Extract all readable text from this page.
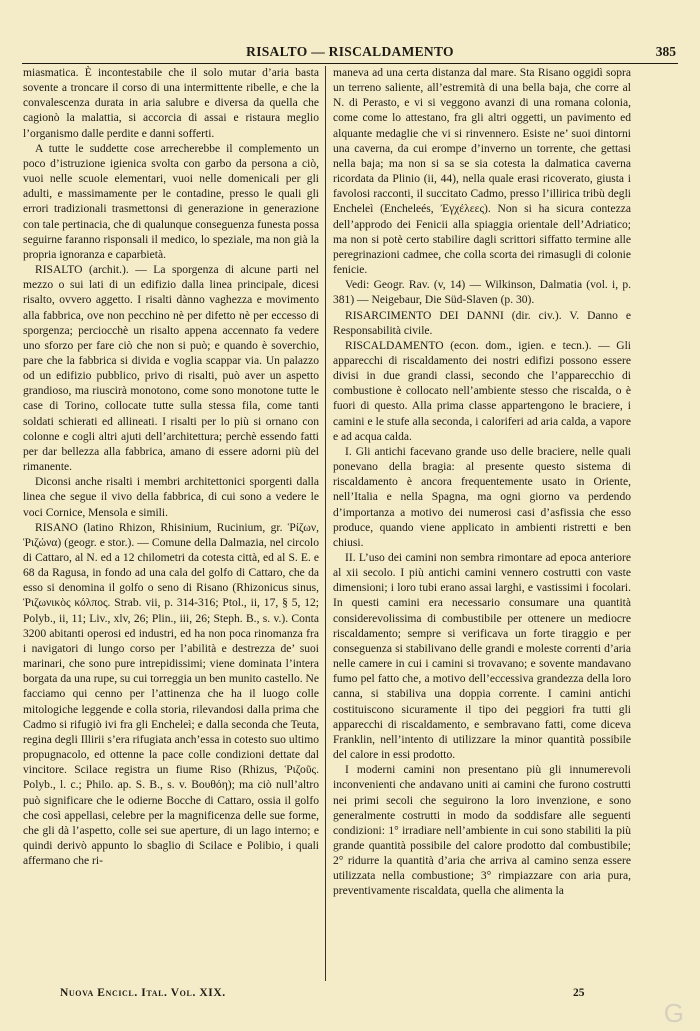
RISALTO — RISCALDAMENTO	385

miasmatica. È incontestabile che il solo mutar d’aria basta sovente a troncare il corso di una intermittente ribelle, e che la convalescenza durata in aria salubre e diversa da quella che cagionò la malattia, si accorcia di assai e ristaura meglio l’organismo dalle perdite e danni sofferti.

A tutte le suddette cose arrecherebbe il complemento un poco d’istruzione igienica svolta con garbo da persona a ciò, vuoi nelle scuole elementari, vuoi nelle domenicali per gli adulti, e massimamente per le contadine, presso le quali gli errori tradizionali trasmettonsi di generazione in generazione con tale pertinacia, che di qualunque conseguenza funesta possa seguirne faranno risponsali il medico, lo speziale, ma non già la propria ignoranza e caparbietà.

RISALTO (archit.). — La sporgenza di alcune parti nel mezzo o sui lati di un edifizio dalla linea principale, dicesi risalto, ovvero aggetto. I risalti dànno vaghezza e movimento alla fabbrica, ove non pecchino nè per difetto nè per eccesso di sporgenza; perciocchè un risalto appena accennato fa vedere uno sforzo per fare ciò che non si può; e quando è soverchio, pare che la fabbrica si divida e voglia scappar via. Un palazzo od un edifizio pubblico, privo di risalti, può aver un aspetto grandioso, ma riuscirà monotono, come sono monotone tutte le case di Torino, collocate tutte sulla stessa fila, come tanti soldati schierati ed allineati. I risalti per lo più si ornano con colonne e cogli altri ajuti dell’architettura; perchè essendo fatti per dar bellezza alla fabbrica, amano di essere adorni più del rimanente.

Diconsi anche risalti i membri architettonici sporgenti dalla linea che segue il vivo della fabbrica, di cui sono a vedere le voci Cornice, Mensola e simili.

RISANO (latino Rhizon, Rhisinium, Rucinium, gr. Ῥίζων, Ῥιζώνα) (geogr. e stor.). — Comune della Dalmazia, nel circolo di Cattaro, al N. ed a 12 chilometri da cotesta città, ed al S. E. e 68 da Ragusa, in fondo ad una cala del golfo di Cattaro, che da esso si denomina il golfo o seno di Risano (Rhizonicus sinus, Ῥιζωνικὸς κόλπος. Strab. vii, p. 314-316; Ptol., ii, 17, § 5, 12; Polyb., ii, 11; Liv., xlv, 26; Plin., iii, 26; Steph. B., s. v.). Conta 3200 abitanti operosi ed industri, ed ha non poca rinomanza fra i navigatori di lungo corso per l’abilità e destrezza de’ suoi marinari, che sono pure intrepidissimi; viene dominata l’intera borgata da una rupe, su cui torreggia un ben munito castello. Ne facciamo qui cenno per l’attinenza che ha il luogo colle mitologiche leggende e colla storia, rilevandosi dalla prima che Cadmo si rifugiò ivi fra gli Encheleì; e dalla seconda che Teuta, regina degli Illirii s’era rifugiata anch’essa in cotesto suo ultimo propugnacolo, ed ottenne la pace colle condizioni dettate dal vincitore. Scilace registra un fiume Riso (Rhizus, Ῥιζοῦς. Polyb., l. c.; Philo. ap. S. B., s. v. Βουθόη); ma ciò null’altro può significare che le odierne Bocche di Cattaro, ossia il golfo che così appellasi, celebre per la magnificenza delle sue forme, che gli dà l’aspetto, colle sei sue aperture, di un lago interno; e quindi derivò appunto lo sbaglio di Scilace e Polibio, i quali affermano che ri-

maneva ad una certa distanza dal mare. Sta Risano oggidì sopra un terreno saliente, all’estremità di una bella baja, che corre al N. di Perasto, e vi si veggono avanzi di una romana colonia, come come lo attestano, fra gli altri oggetti, un pavimento ed alquante medaglie che vi si rinvennero. Esiste ne’ suoi dintorni una caverna, da cui erompe d’inverno un torrente, che gettasi nella baja; ma non si sa se sia cotesta la dalmatica caverna ricordata da Plinio (ii, 44), nella quale erasi ricoverato, giusta i favolosi racconti, il succitato Cadmo, presso l’illirica tribù degli Encheleì (Encheleés, Ἐγχέλεες). Non si ha sicura contezza dell’approdo dei Fenicii alla spiaggia orientale dell’Adriatico; ma non si potè certo stabilire dagli scrittori siffatto termine alle peregrinazioni cadmee, che colla scorta dei rimasugli di colonie fenicie.

Vedi: Geogr. Rav. (v, 14) — Wilkinson, Dalmatia (vol. i, p. 381) — Neigebaur, Die Süd-Slaven (p. 30).

RISARCIMENTO DEI DANNI (dir. civ.). V. Danno e Responsabilità civile.

RISCALDAMENTO (econ. dom., igien. e tecn.). — Gli apparecchi di riscaldamento dei nostri edifizi possono essere divisi in due grandi classi, secondo che l’apparecchio di combustione è collocato nell’ambiente stesso che riscalda, o è fuori di questo. Alla prima classe appartengono le braciere, i camini e le stufe alla seconda, i caloriferi ad aria calda, a vapore e ad acqua calda.

I. Gli antichi facevano grande uso delle braciere, nelle quali ponevano della bragia: al presente questo sistema di riscaldamento è ancora frequentemente usato in Oriente, nell’Italia e nella Spagna, ma ogni giorno va perdendo d’importanza a motivo dei numerosi casi d’asfissia che esso produce, quando viene applicato in ambienti ristretti e ben chiusi.

II. L’uso dei camini non sembra rimontare ad epoca anteriore al xii secolo. I più antichi camini vennero costrutti con vaste dimensioni; i loro tubi erano assai larghi, e vastissimi i focolari. In questi camini era necessario consumare una quantità considerevolissima di combustibile per ottenere un mediocre riscaldamento; sempre si verificava un forte tiraggio e per conseguenza si stabilivano delle grandi e moleste correnti d’aria nelle camere in cui i camini si trovavano; e sovente mandavano fumo pel fatto che, a motivo dell’eccessiva grandezza della loro canna, si stabiliva una doppia corrente. I camini antichi costituiscono sicuramente il tipo dei peggiori fra tutti gli apparecchi di riscaldamento, e sembravano fatti, come diceva Franklin, nell’intento di utilizzare la minor quantità possibile del calore in essi prodotto.

I moderni camini non presentano più gli innumerevoli inconvenienti che andavano uniti ai camini che furono costrutti nei primi secoli che seguirono la loro invenzione, e sono generalmente costrutti in modo da soddisfare alle seguenti condizioni: 1° irradiare nell’ambiente in cui sono stabiliti la più grande quantità possibile del calore prodotto dal combustibile; 2° ridurre la quantità d’aria che arriva al camino senza essere utilizzata nella combustione; 3° rimpiazzare con aria pura, preventivamente riscaldata, quella che alimenta la

Nuova Encicl. Ital. Vol. XIX.	25
G
